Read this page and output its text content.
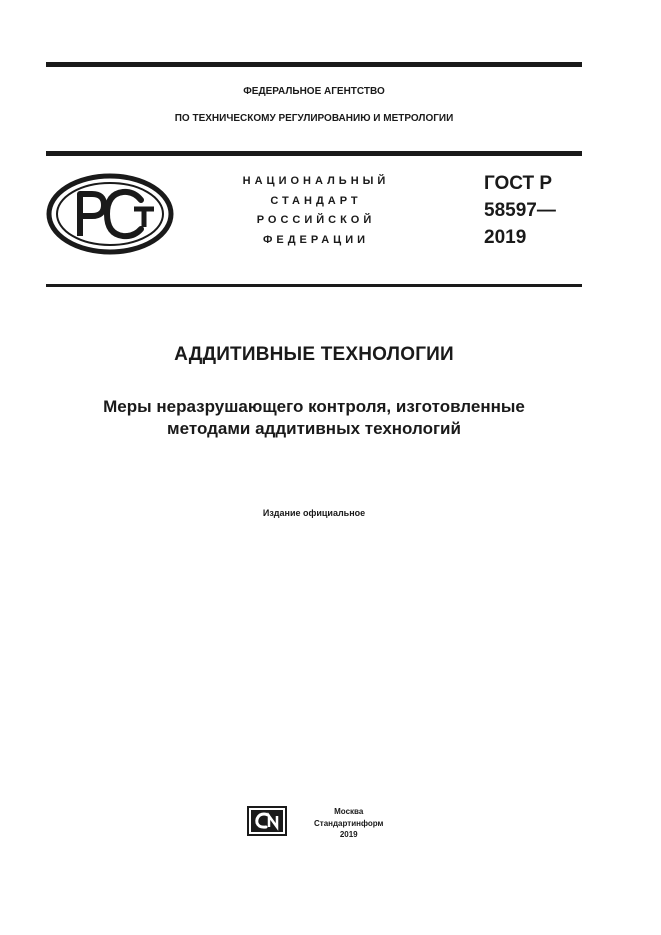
ФЕДЕРАЛЬНОЕ АГЕНТСТВО
ПО ТЕХНИЧЕСКОМУ РЕГУЛИРОВАНИЮ И МЕТРОЛОГИИ
НАЦИОНАЛЬНЫЙ
СТАНДАРТ
РОССИЙСКОЙ
ФЕДЕРАЦИИ
ГОСТ Р
58597—
2019
АДДИТИВНЫЕ ТЕХНОЛОГИИ
Меры неразрушающего контроля, изготовленные
методами аддитивных технологий
Издание официальное
Москва
Стандартинформ
2019
